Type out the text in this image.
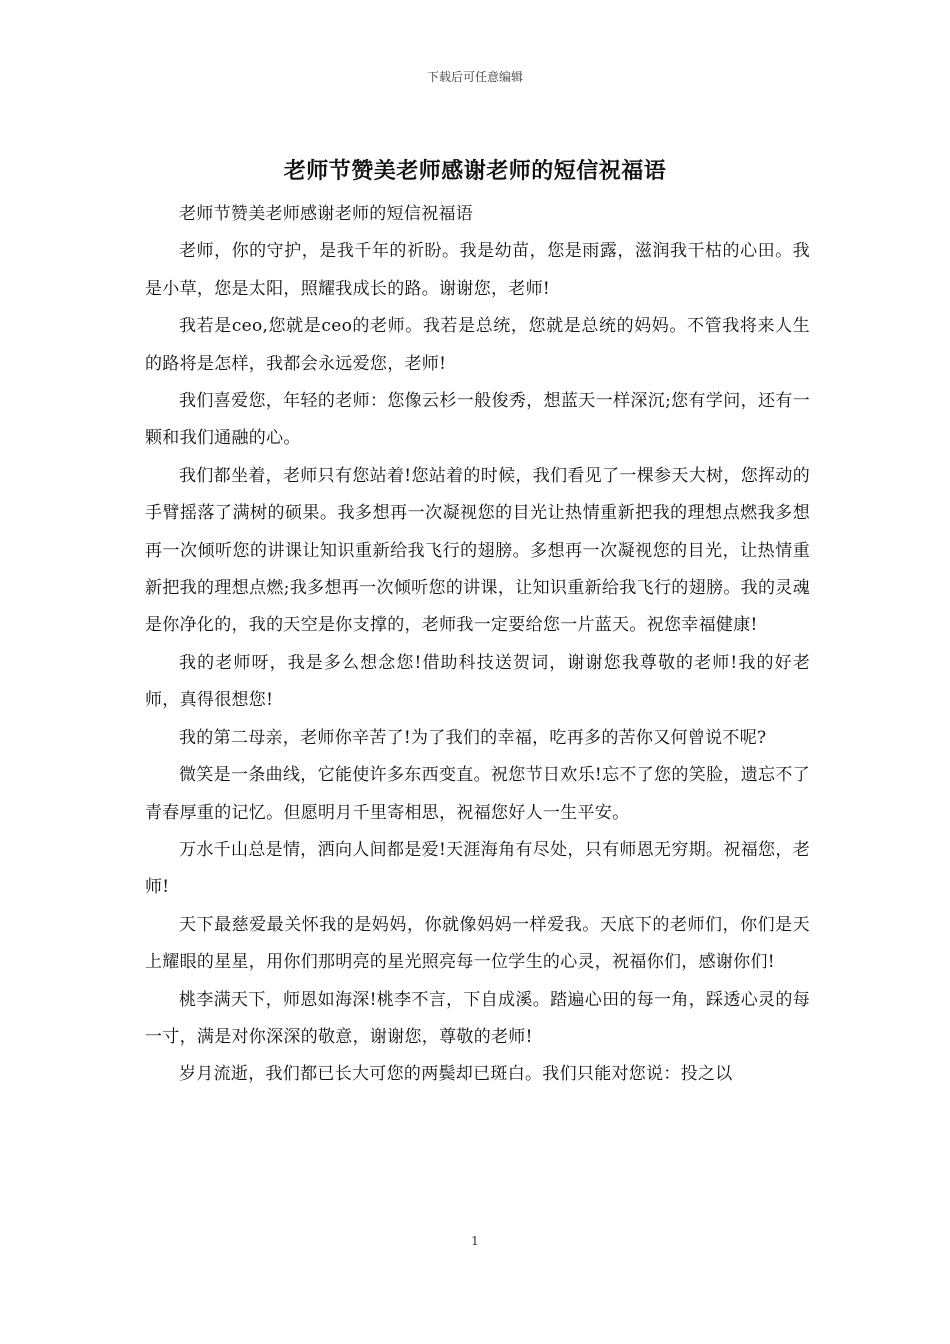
下载后可任意编辑
老师节赞美老师感谢老师的短信祝福语

老师节赞美老师感谢老师的短信祝福语

老师，你的守护，是我千年的祈盼。我是幼苗，您是雨露，滋润我干枯的心田。我是小草，您是太阳，照耀我成长的路。谢谢您，老师!

我若是ceo,您就是ceo的老师。我若是总统，您就是总统的妈妈。不管我将来人生的路将是怎样，我都会永远爱您，老师!

我们喜爱您，年轻的老师：您像云杉一般俊秀，想蓝天一样深沉;您有学问，还有一颗和我们通融的心。

我们都坐着，老师只有您站着!您站着的时候，我们看见了一棵参天大树，您挥动的手臂摇落了满树的硕果。我多想再一次凝视您的目光让热情重新把我的理想点燃我多想再一次倾听您的讲课让知识重新给我飞行的翅膀。多想再一次凝视您的目光，让热情重新把我的理想点燃;我多想再一次倾听您的讲课，让知识重新给我飞行的翅膀。我的灵魂是你净化的，我的天空是你支撑的，老师我一定要给您一片蓝天。祝您幸福健康!

我的老师呀，我是多么想念您!借助科技送贺词，谢谢您我尊敬的老师!我的好老师，真得很想您!

我的第二母亲，老师你辛苦了!为了我们的幸福，吃再多的苦你又何曾说不呢?

微笑是一条曲线，它能使许多东西变直。祝您节日欢乐!忘不了您的笑脸，遗忘不了青春厚重的记忆。但愿明月千里寄相思，祝福您好人一生平安。

万水千山总是情，洒向人间都是爱!天涯海角有尽处，只有师恩无穷期。祝福您，老师!

天下最慈爱最关怀我的是妈妈，你就像妈妈一样爱我。天底下的老师们，你们是天上耀眼的星星，用你们那明亮的星光照亮每一位学生的心灵，祝福你们，感谢你们!

桃李满天下，师恩如海深!桃李不言，下自成溪。踏遍心田的每一角，踩透心灵的每一寸，满是对你深深的敬意，谢谢您，尊敬的老师!

岁月流逝，我们都已长大可您的两鬓却已斑白。我们只能对您说：投之以

1
